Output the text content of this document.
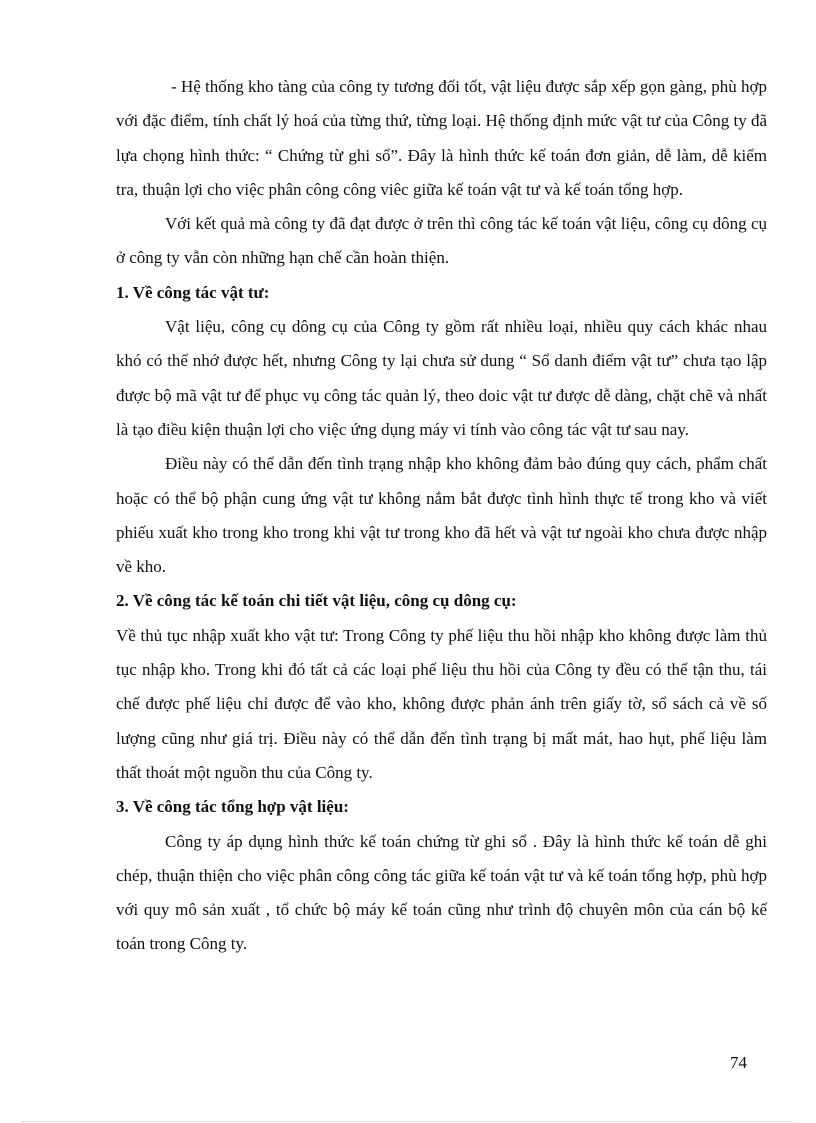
- Hệ thống kho tàng của công ty tương đối tốt, vật liệu được sắp xếp gọn gàng, phù hợp với đặc điểm, tính chất lý hoá của từng thứ, từng loại. Hệ thống định mức vật tư của Công ty đã lựa chọng hình thức: “ Chứng từ ghi sổ”. Đây là hình thức kế toán đơn giản, dễ làm, dễ kiểm tra, thuận lợi cho việc phân công công viêc giữa kế toán vật tư và kế toán tổng hợp.

Với kết quả mà công ty đã đạt được ở trên thì công tác kế toán vật liệu, công cụ dông cụ ở công ty vẫn còn những hạn chế cần hoàn thiện.

1. Về công tác vật tư:

Vật liệu, công cụ dông cụ của Công ty gồm rất nhiều loại, nhiều quy cách khác nhau khó có thể nhớ được hết, nhưng Công ty lại chưa sử dung “ Sổ danh điểm vật tư” chưa tạo lập được bộ mã vật tư để phục vụ công tác quản lý, theo doic vật tư được dễ dàng, chặt chẽ và nhất là tạo điều kiện thuận lợi cho việc ứng dụng máy vi tính vào công tác vật tư sau nay.

Điều này có thể dẫn đến tình trạng nhập kho không đảm bảo đúng quy cách, phẩm chất hoặc có thể bộ phận cung ứng vật tư không nắm bắt được tình hình thực tế trong kho và viết phiếu xuất kho trong kho trong khi vật tư trong kho đã hết và vật tư ngoài kho chưa được nhập về kho.

2. Về công tác kế toán chi tiết vật liệu, công cụ dông cụ:

Về thủ tục nhập xuất kho vật tư: Trong Công ty phế liệu thu hồi nhập kho không được làm thủ tục nhập kho. Trong khi đó tất cả các loại phế liệu thu hồi của Công ty đều có thể tận thu, tái chế được phế liệu chỉ được để vào kho, không được phản ánh trên giấy tờ, sổ sách cả về số lượng cũng như giá trị. Điều này có thể dẫn đến tình trạng bị mất mát, hao hụt, phế liệu làm thất thoát một nguồn thu của Công ty.

3. Về công tác tổng hợp vật liệu:

Công ty áp dụng hình thức kế toán chứng từ ghi sổ . Đây là hình thức kế toán dễ ghi chép, thuận thiện cho việc phân công công tác giữa kế toán vật tư và kế toán tổng hợp, phù hợp với quy mô sản xuất , tổ chức bộ máy kế toán cũng như trình độ chuyên môn của cán bộ kế toán trong Công ty.

74
